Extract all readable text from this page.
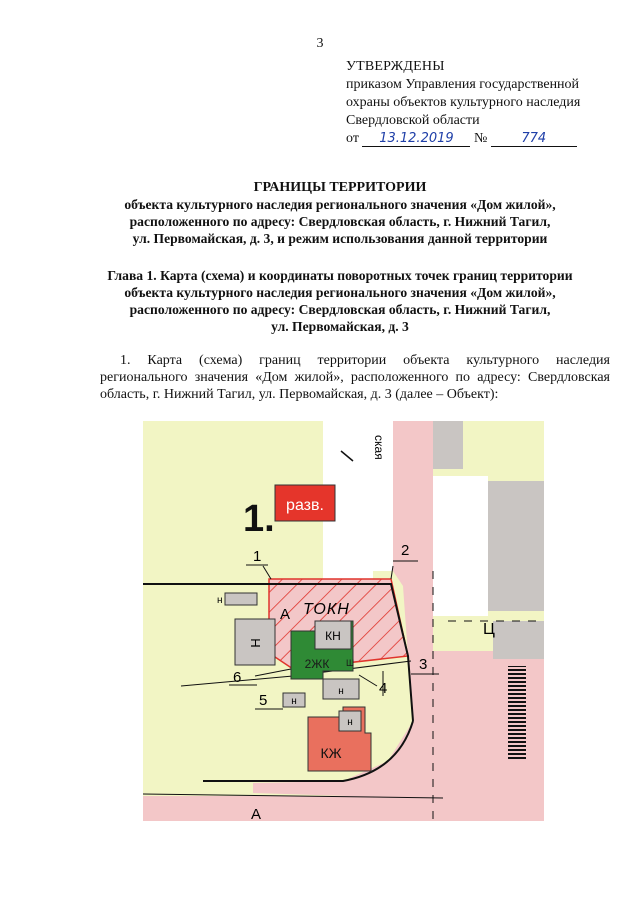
3
УТВЕРЖДЕНЫ
приказом Управления государственной
охраны объектов культурного наследия
Свердловской области
от 13.12.2019 №	774
ГРАНИЦЫ ТЕРРИТОРИИ
объекта культурного наследия регионального значения «Дом жилой»,
расположенного по адресу: Свердловская область, г. Нижний Тагил,
ул. Первомайская, д. 3, и режим использования данной территории
Глава 1. Карта (схема) и координаты поворотных точек границ территории
объекта культурного наследия регионального значения «Дом жилой»,
расположенного по адресу: Свердловская область, г. Нижний Тагил,
ул. Первомайская, д. 3
1. Карта (схема) границ территории объекта культурного наследия
регионального значения «Дом жилой», расположенного по адресу: Свердловская
область, г. Нижний Тагил, ул. Первомайская, д. 3 (далее – Объект):
разв.
1.
н
Н	КН
2ЖК Ш
н
н
н
КЖ
А ТОКН
А
Ц
ская
1	2
3
4
5
6
